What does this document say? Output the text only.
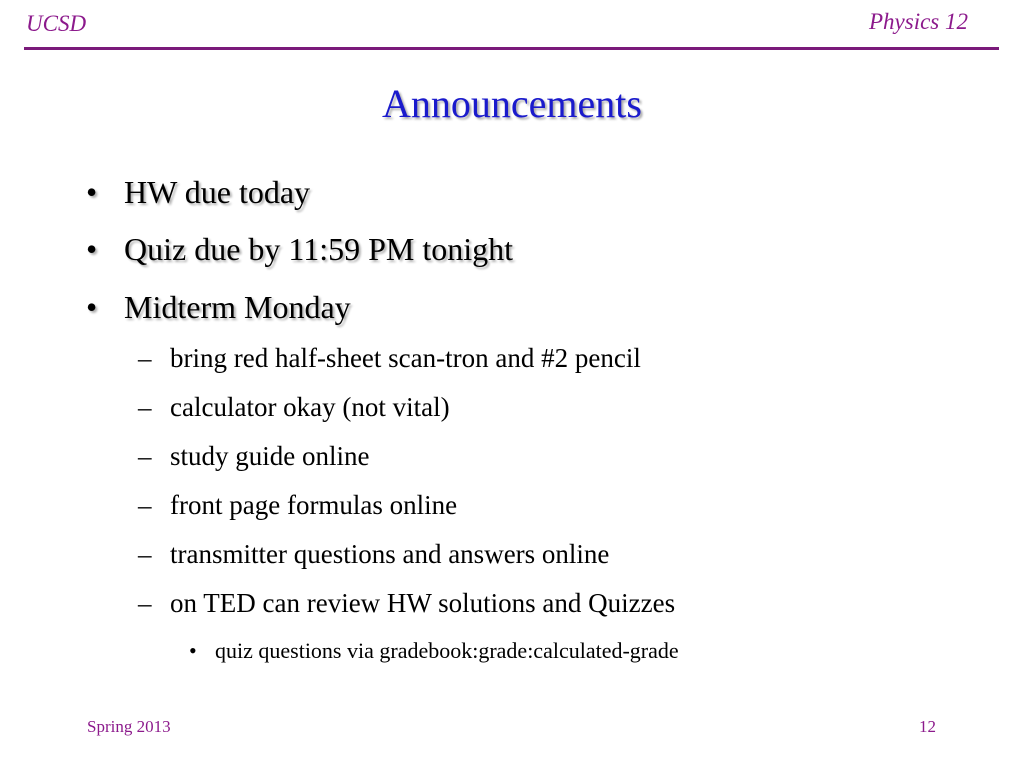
UCSD	Physics 12
Announcements
• HW due today
• Quiz due by 11:59 PM tonight
• Midterm Monday
– bring red half-sheet scan-tron and #2 pencil
– calculator okay (not vital)
– study guide online
– front page formulas online
– transmitter questions and answers online
– on TED can review HW solutions and Quizzes
• quiz questions via gradebook:grade:calculated-grade
Spring 2013	12
